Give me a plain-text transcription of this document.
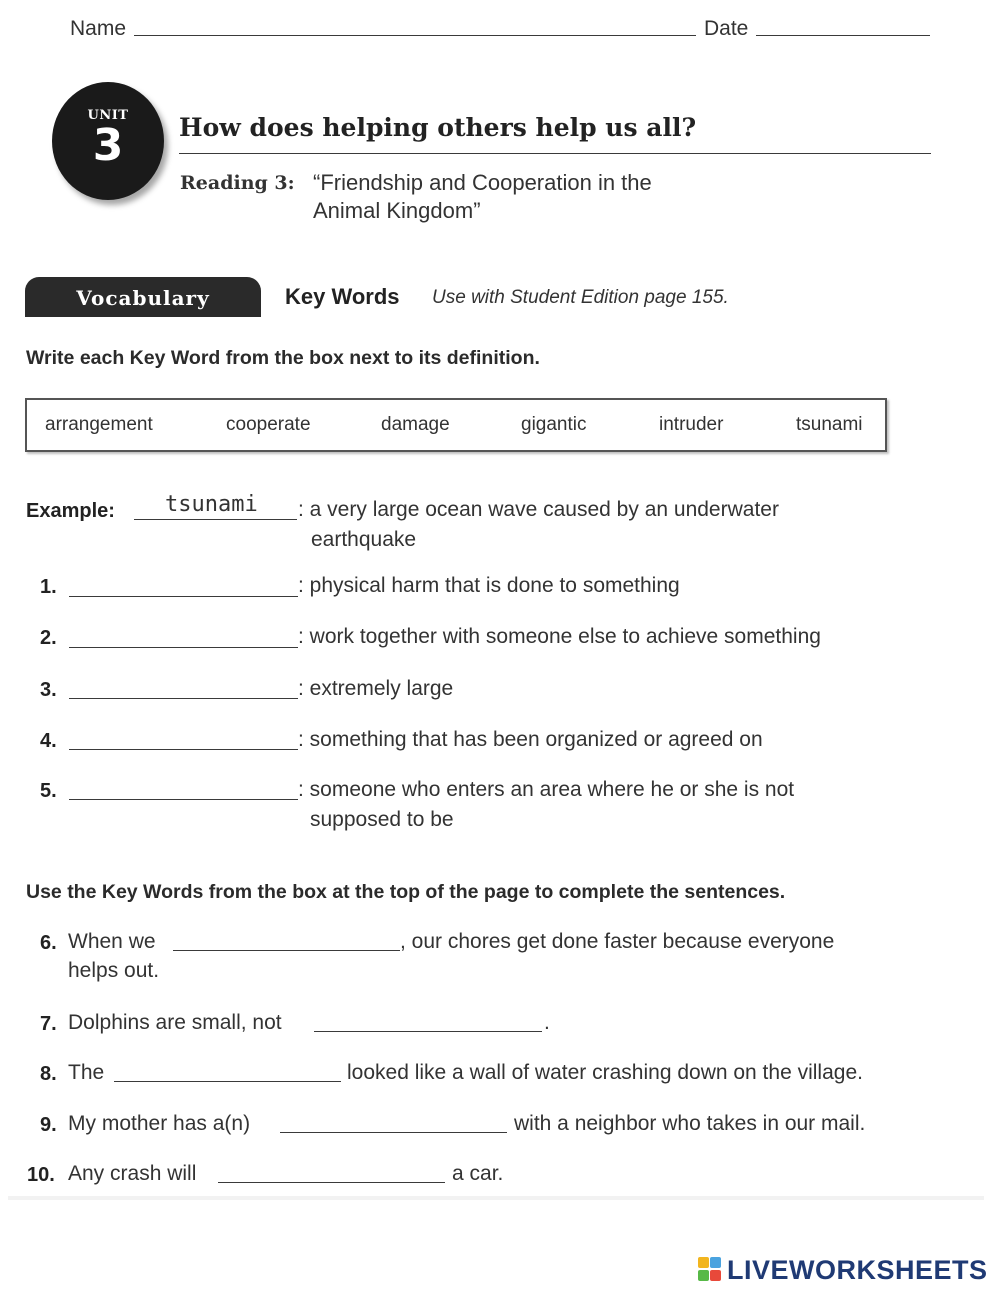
Name	Date
UNIT
3	How does helping others help us all?
Reading 3: “Friendship and Cooperation in the
Animal Kingdom”
Vocabulary	Key Words Use with Student Edition page 155.
Write each Key Word from the box next to its definition.
arrangement	cooperate	damage	gigantic	intruder	tsunami
Example: tsunami : a very large ocean wave caused by an underwater
earthquake
1.	: physical harm that is done to something
2.	: work together with someone else to achieve something
3.	: extremely large
4.	: something that has been organized or agreed on
5.	: someone who enters an area where he or she is not
supposed to be
Use the Key Words from the box at the top of the page to complete the sentences.
6. When we	, our chores get done faster because everyone
helps out.
7. Dolphins are small, not	.
8. The	looked like a wall of water crashing down on the village.
9. My mother has a(n)	with a neighbor who takes in our mail.
10. Any crash will	a car.
LIVEWORKSHEETS
